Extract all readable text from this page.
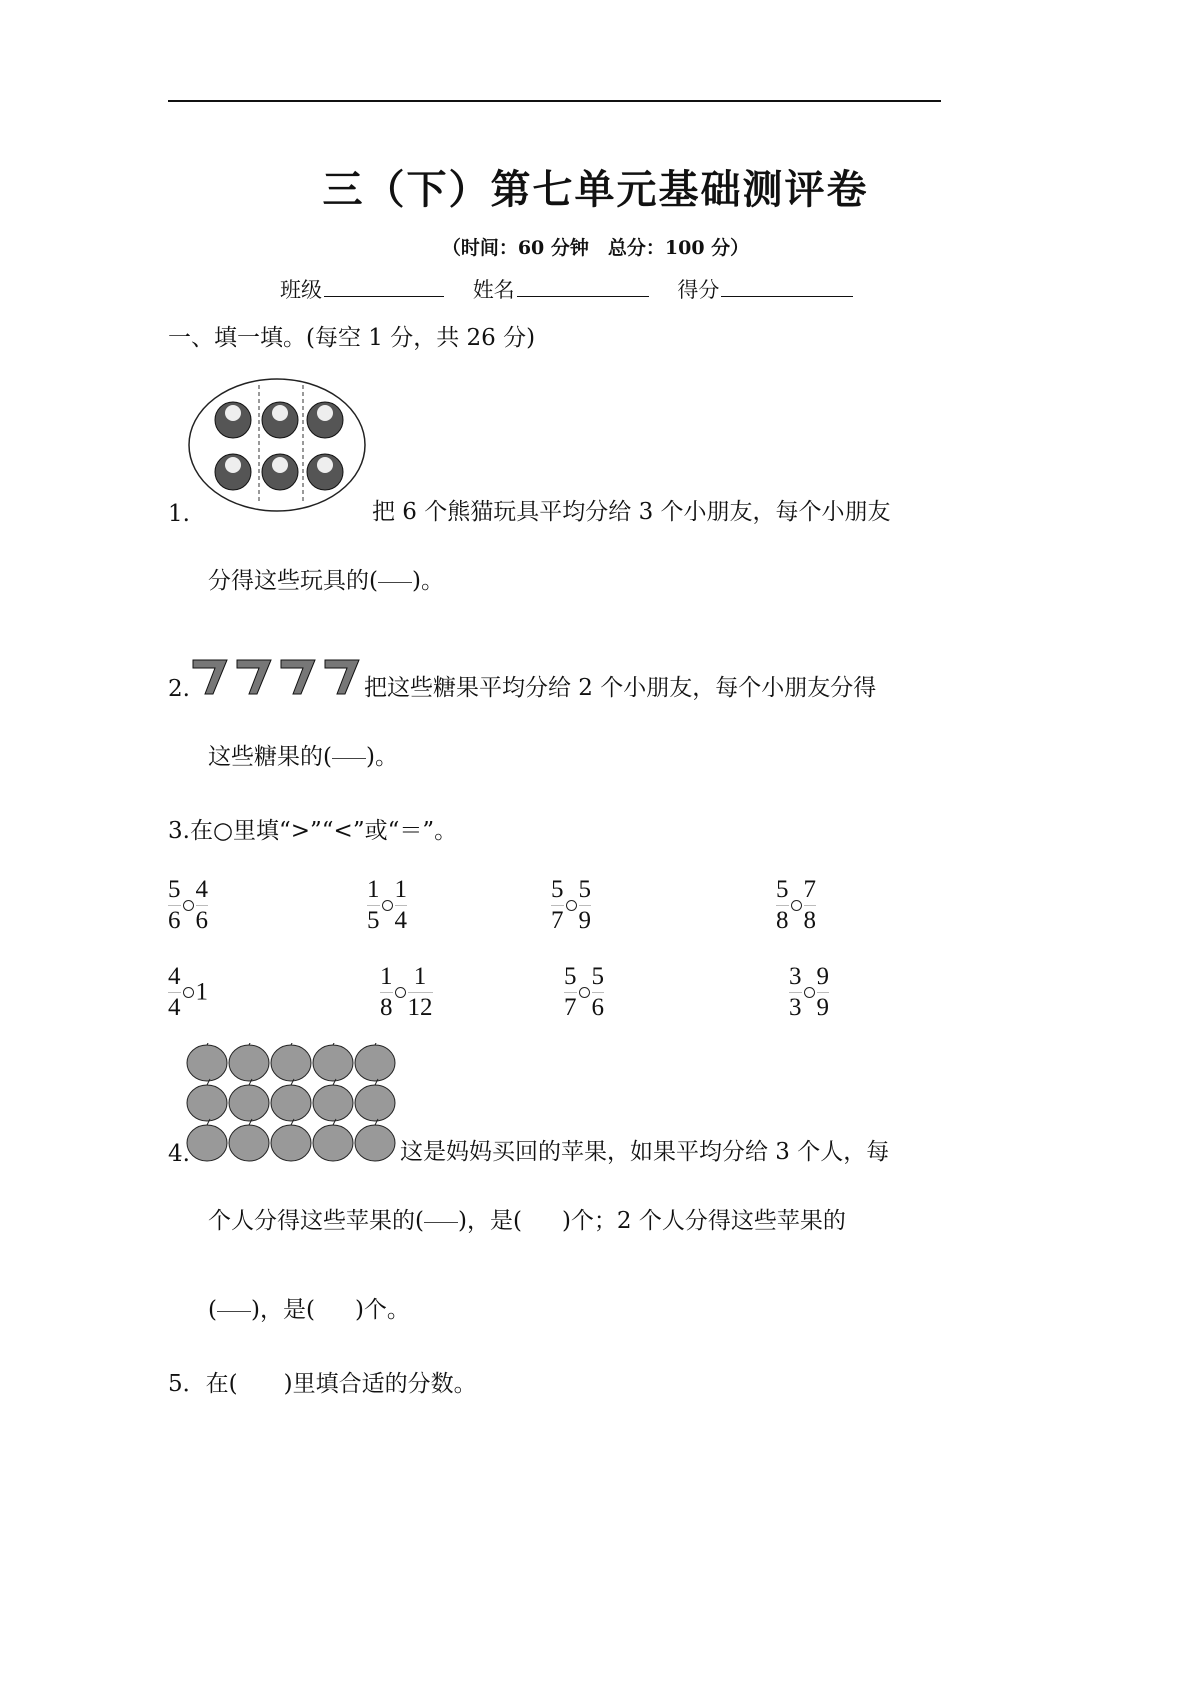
三（下）第七单元基础测评卷
（时间：60 分钟　总分：100 分）
班级	姓名	得分
一、填一填。(每空 1 分，共 26 分)
1.	把 6 个熊猫玩具平均分给 3 个小朋友，每个小朋友
分得这些玩具的( )。
2.	把这些糖果平均分给 2 个小朋友，每个小朋友分得
这些糖果的( )。
3.在○里填“>”“<”或“＝”。
$\frac{5}{6} \frac{4}{6}$	$\frac{1}{5} \frac{1}{4}$	$\frac{5}{7} \frac{5}{9}$	$\frac{5}{8} \frac{7}{8}$
$\frac{4}{4} 1$	$\frac{1}{8} \frac{1}{12}$	$\frac{5}{7} \frac{5}{6}$	$\frac{3}{3} \frac{9}{9}$
4.	这是妈妈买回的苹果，如果平均分给 3 个人，每
个人分得这些苹果的( )，是( )个；2 个人分得这些苹果的
( )，是( )个。
5．在(　　)里填合适的分数。
